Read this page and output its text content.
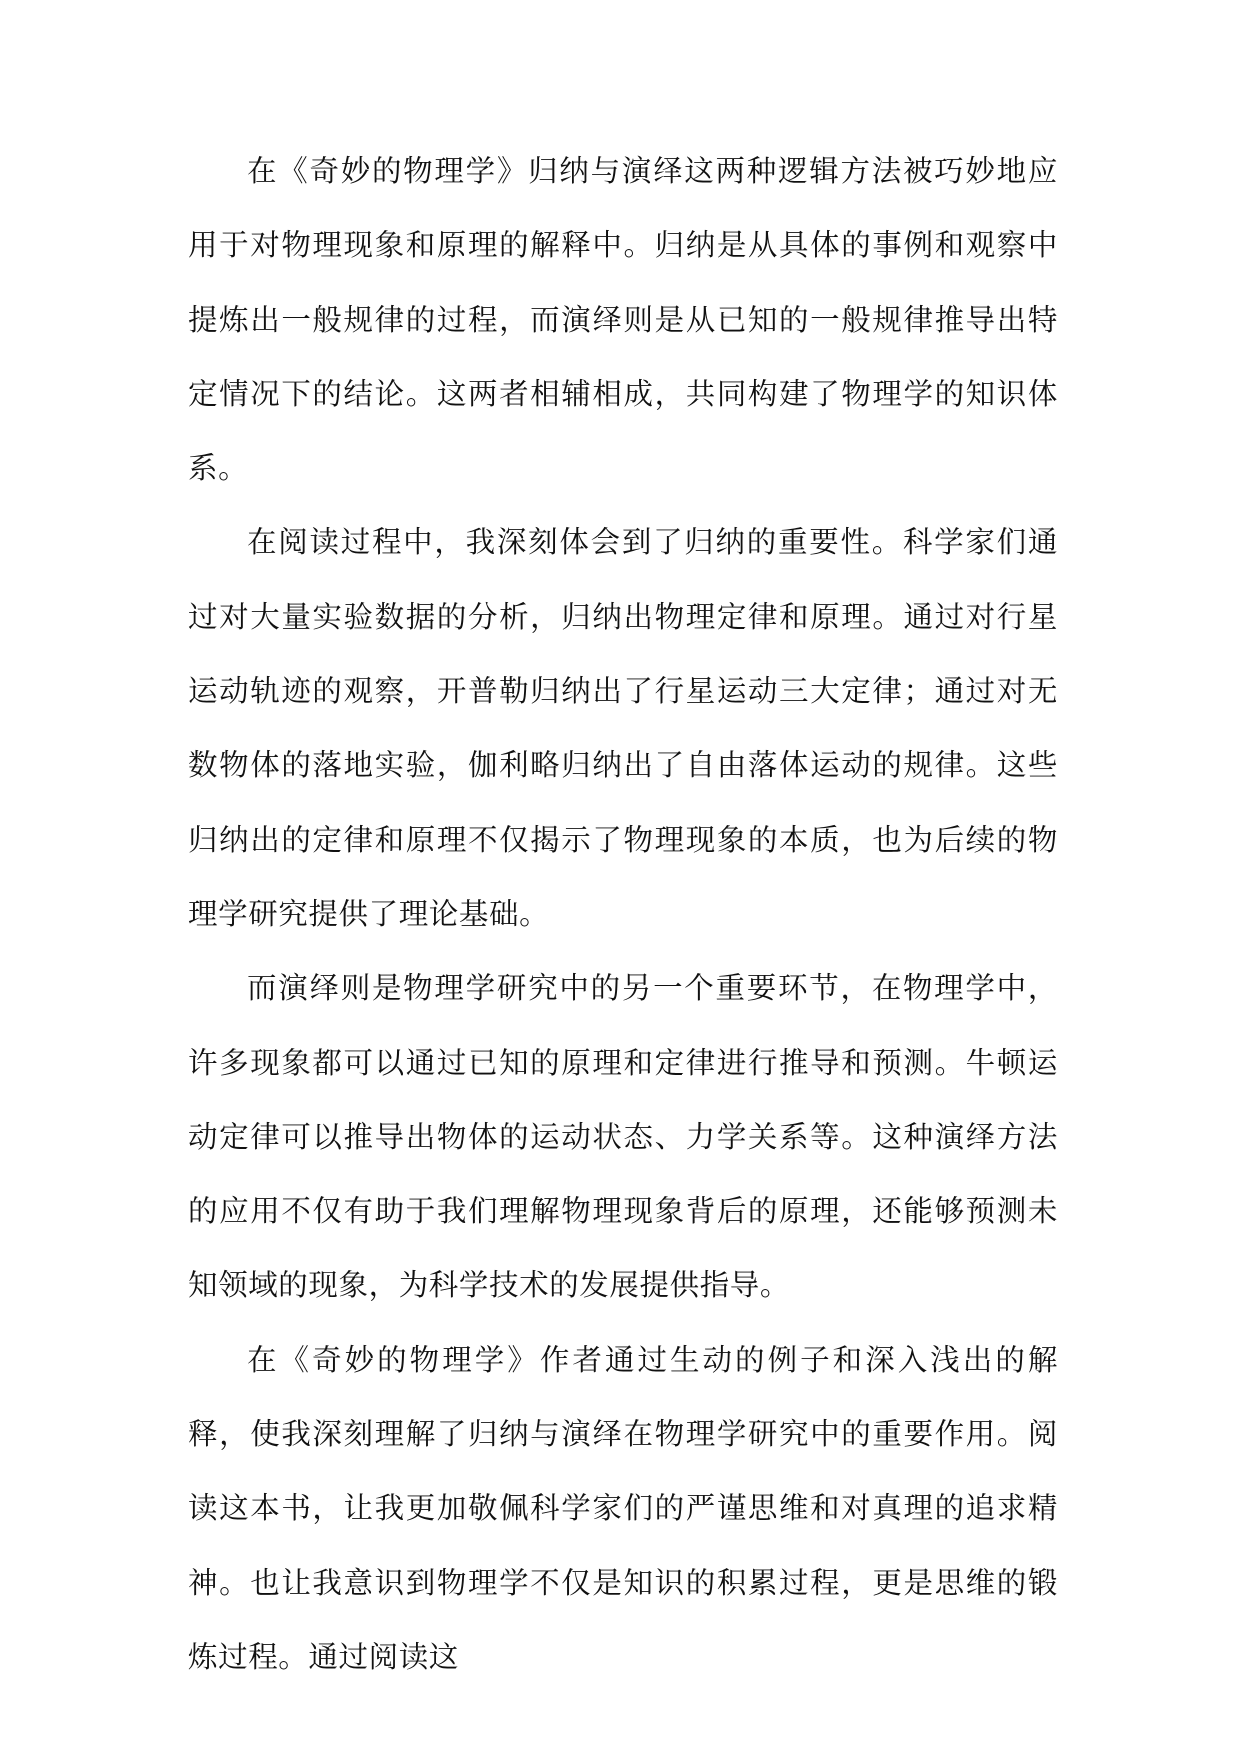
在《奇妙的物理学》归纳与演绎这两种逻辑方法被巧妙地应用于对物理现象和原理的解释中。归纳是从具体的事例和观察中提炼出一般规律的过程，而演绎则是从已知的一般规律推导出特定情况下的结论。这两者相辅相成，共同构建了物理学的知识体系。

在阅读过程中，我深刻体会到了归纳的重要性。科学家们通过对大量实验数据的分析，归纳出物理定律和原理。通过对行星运动轨迹的观察，开普勒归纳出了行星运动三大定律；通过对无数物体的落地实验，伽利略归纳出了自由落体运动的规律。这些归纳出的定律和原理不仅揭示了物理现象的本质，也为后续的物理学研究提供了理论基础。

而演绎则是物理学研究中的另一个重要环节，在物理学中，许多现象都可以通过已知的原理和定律进行推导和预测。牛顿运动定律可以推导出物体的运动状态、力学关系等。这种演绎方法的应用不仅有助于我们理解物理现象背后的原理，还能够预测未知领域的现象，为科学技术的发展提供指导。

在《奇妙的物理学》作者通过生动的例子和深入浅出的解释，使我深刻理解了归纳与演绎在物理学研究中的重要作用。阅读这本书，让我更加敬佩科学家们的严谨思维和对真理的追求精神。也让我意识到物理学不仅是知识的积累过程，更是思维的锻炼过程。通过阅读这
